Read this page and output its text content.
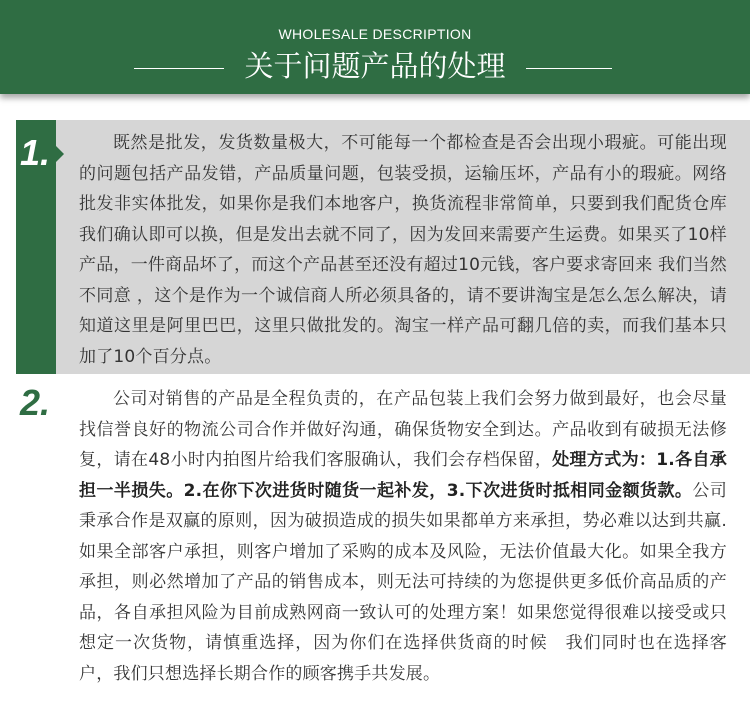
WHOLESALE DESCRIPTION
关于问题产品的处理
1.	既然是批发，发货数量极大，不可能每一个都检查是否会出现小瑕疵。可能出现的问题包括产品发错，产品质量问题，包装受损，运输压坏，产品有小的瑕疵。网络批发非实体批发，如果你是我们本地客户，换货流程非常简单，只要到我们配货仓库我们确认即可以换，但是发出去就不同了，因为发回来需要产生运费。如果买了10样产品，一件商品坏了，而这个产品甚至还没有超过10元钱，客户要求寄回来 我们当然不同意 ，这个是作为一个诚信商人所必须具备的，请不要讲淘宝是怎么怎么解决，请知道这里是阿里巴巴，这里只做批发的。淘宝一样产品可翻几倍的卖，而我们基本只加了10个百分点。
2.	公司对销售的产品是全程负责的，在产品包装上我们会努力做到最好，也会尽量找信誉良好的物流公司合作并做好沟通，确保货物安全到达。产品收到有破损无法修复，请在48小时内拍图片给我们客服确认，我们会存档保留，处理方式为：1.各自承担一半损失。2.在你下次进货时随货一起补发，3.下次进货时抵相同金额货款。公司秉承合作是双赢的原则，因为破损造成的损失如果都单方来承担，势必难以达到共赢.如果全部客户承担，则客户增加了采购的成本及风险，无法价值最大化。如果全我方承担，则必然增加了产品的销售成本，则无法可持续的为您提供更多低价高品质的产品，各自承担风险为目前成熟网商一致认可的处理方案！如果您觉得很难以接受或只想定一次货物，请慎重选择，因为你们在选择供货商的时候　我们同时也在选择客户，我们只想选择长期合作的顾客携手共发展。
